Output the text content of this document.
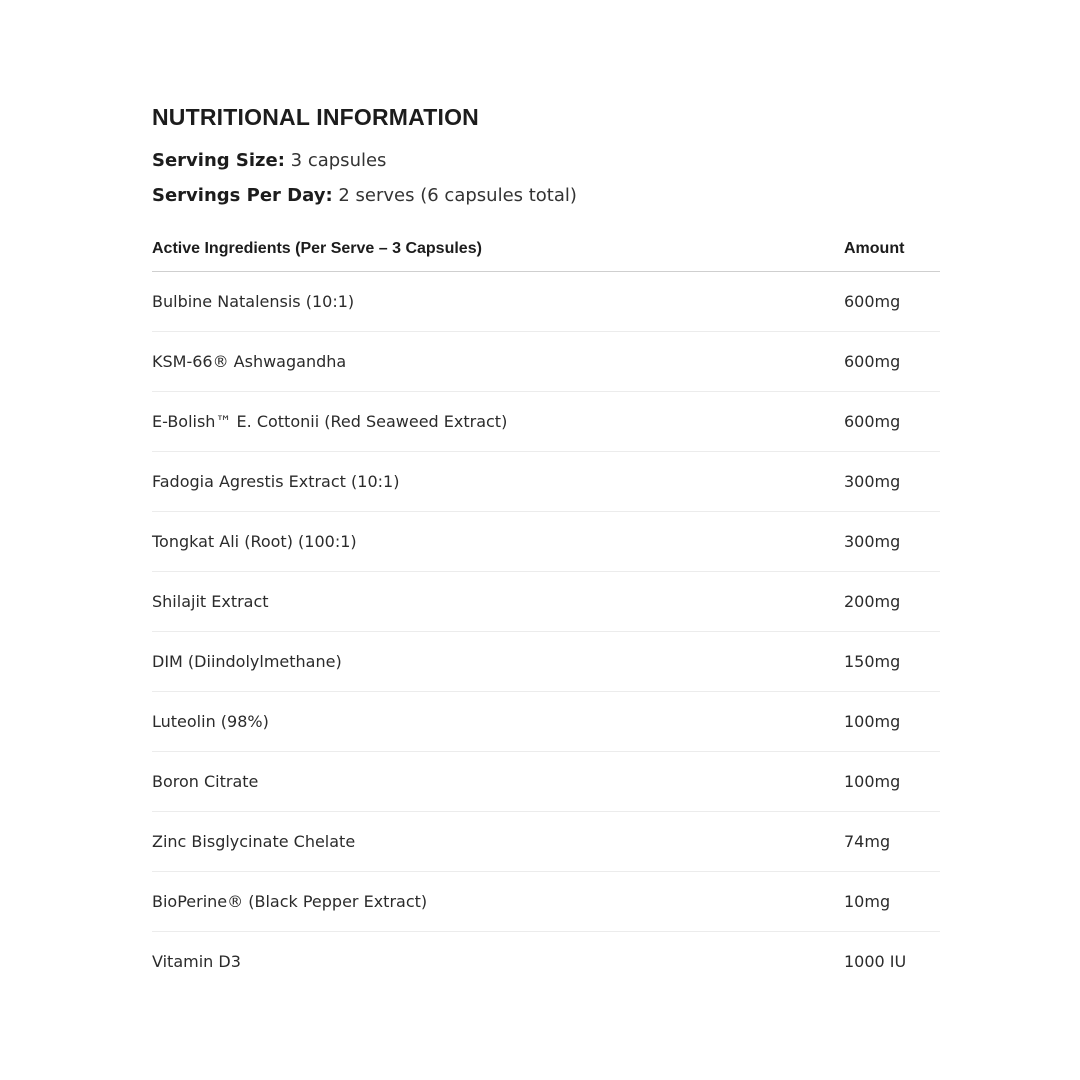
NUTRITIONAL INFORMATION
Serving Size: 3 capsules
Servings Per Day: 2 serves (6 capsules total)
Active Ingredients (Per Serve – 3 Capsules)	Amount
Bulbine Natalensis (10:1)	600mg
KSM-66® Ashwagandha	600mg
E-Bolish™ E. Cottonii (Red Seaweed Extract)	600mg
Fadogia Agrestis Extract (10:1)	300mg
Tongkat Ali (Root) (100:1)	300mg
Shilajit Extract	200mg
DIM (Diindolylmethane)	150mg
Luteolin (98%)	100mg
Boron Citrate	100mg
Zinc Bisglycinate Chelate	74mg
BioPerine® (Black Pepper Extract)	10mg
Vitamin D3	1000 IU
